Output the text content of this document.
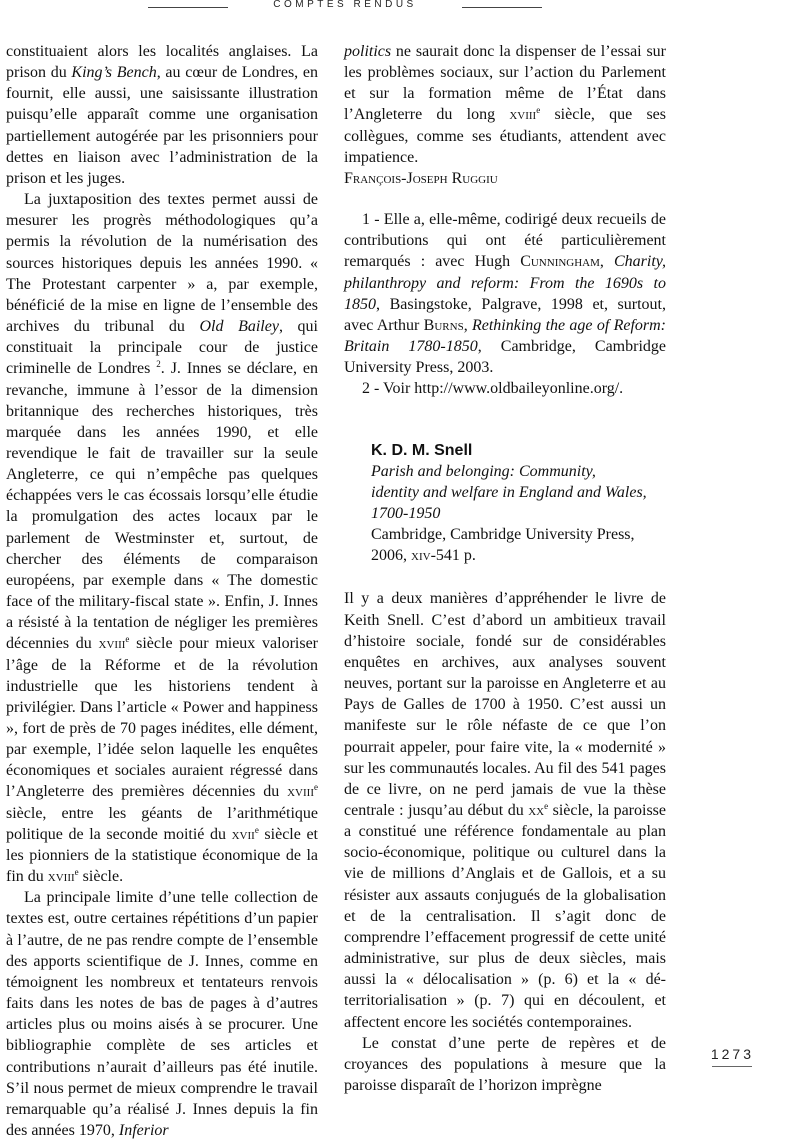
COMPTES RENDUS

constituaient alors les localités anglaises. La prison du King’s Bench, au cœur de Londres, en fournit, elle aussi, une saisissante illustration puisqu’elle apparaît comme une organisation partiellement autogérée par les prisonniers pour dettes en liaison avec l’administration de la prison et les juges.

La juxtaposition des textes permet aussi de mesurer les progrès méthodologiques qu’a permis la révolution de la numérisation des sources historiques depuis les années 1990. « The Protestant carpenter » a, par exemple, bénéficié de la mise en ligne de l’ensemble des archives du tribunal du Old Bailey, qui constituait la principale cour de justice criminelle de Londres $^2$. J. Innes se déclare, en revanche, immune à l’essor de la dimension britannique des recherches historiques, très marquée dans les années 1990, et elle revendique le fait de travailler sur la seule Angleterre, ce qui n’empêche pas quelques échappées vers le cas écossais lorsqu’elle étudie la promulgation des actes locaux par le parlement de Westminster et, surtout, de chercher des éléments de comparaison européens, par exemple dans « The domestic face of the military-fiscal state ». Enfin, J. Innes a résisté à la tentation de négliger les premières décennies du xviii$^e$ siècle pour mieux valoriser l’âge de la Réforme et de la révolution industrielle que les historiens tendent à privilégier. Dans l’article « Power and happiness », fort de près de 70 pages inédites, elle dément, par exemple, l’idée selon laquelle les enquêtes économiques et sociales auraient régressé dans l’Angleterre des premières décennies du xviii$^e$ siècle, entre les géants de l’arithmétique politique de la seconde moitié du xvii$^e$ siècle et les pionniers de la statistique économique de la fin du xviii$^e$ siècle.

La principale limite d’une telle collection de textes est, outre certaines répétitions d’un papier à l’autre, de ne pas rendre compte de l’ensemble des apports scientifique de J. Innes, comme en témoignent les nombreux et tentateurs renvois faits dans les notes de bas de pages à d’autres articles plus ou moins aisés à se procurer. Une bibliographie complète de ses articles et contributions n’aurait d’ailleurs pas été inutile. S’il nous permet de mieux comprendre le travail remarquable qu’a réalisé J. Innes depuis la fin des années 1970, Inferior

politics ne saurait donc la dispenser de l’essai sur les problèmes sociaux, sur l’action du Parlement et sur la formation même de l’État dans l’Angleterre du long xviii$^e$ siècle, que ses collègues, comme ses étudiants, attendent avec impatience.

François-Joseph Ruggiu

1 - Elle a, elle-même, codirigé deux recueils de contributions qui ont été particulièrement remarqués : avec Hugh Cunningham, Charity, philanthropy and reform: From the 1690s to 1850, Basingstoke, Palgrave, 1998 et, surtout, avec Arthur Burns, Rethinking the age of Reform: Britain 1780-1850, Cambridge, Cambridge University Press, 2003.

2 - Voir http://www.oldbaileyonline.org/.

K. D. M. Snell

Parish and belonging: Community,
identity and welfare in England and Wales,
1700-1950

Cambridge, Cambridge University Press,
2006, xiv-541 p.

Il y a deux manières d’appréhender le livre de Keith Snell. C’est d’abord un ambitieux travail d’histoire sociale, fondé sur de considérables enquêtes en archives, aux analyses souvent neuves, portant sur la paroisse en Angleterre et au Pays de Galles de 1700 à 1950. C’est aussi un manifeste sur le rôle néfaste de ce que l’on pourrait appeler, pour faire vite, la « modernité » sur les communautés locales. Au fil des 541 pages de ce livre, on ne perd jamais de vue la thèse centrale : jusqu’au début du $xx^e$ siècle, la paroisse a constitué une référence fondamentale au plan socio-économique, politique ou culturel dans la vie de millions d’Anglais et de Gallois, et a su résister aux assauts conjugués de la globalisation et de la centralisation. Il s’agit donc de comprendre l’effacement progressif de cette unité administrative, sur plus de deux siècles, mais aussi la « délocalisation » (p. 6) et la « dé-territorialisation » (p. 7) qui en découlent, et affectent encore les sociétés contemporaines.

Le constat d’une perte de repères et de croyances des populations à mesure que la paroisse disparaît de l’horizon imprègne

1273
